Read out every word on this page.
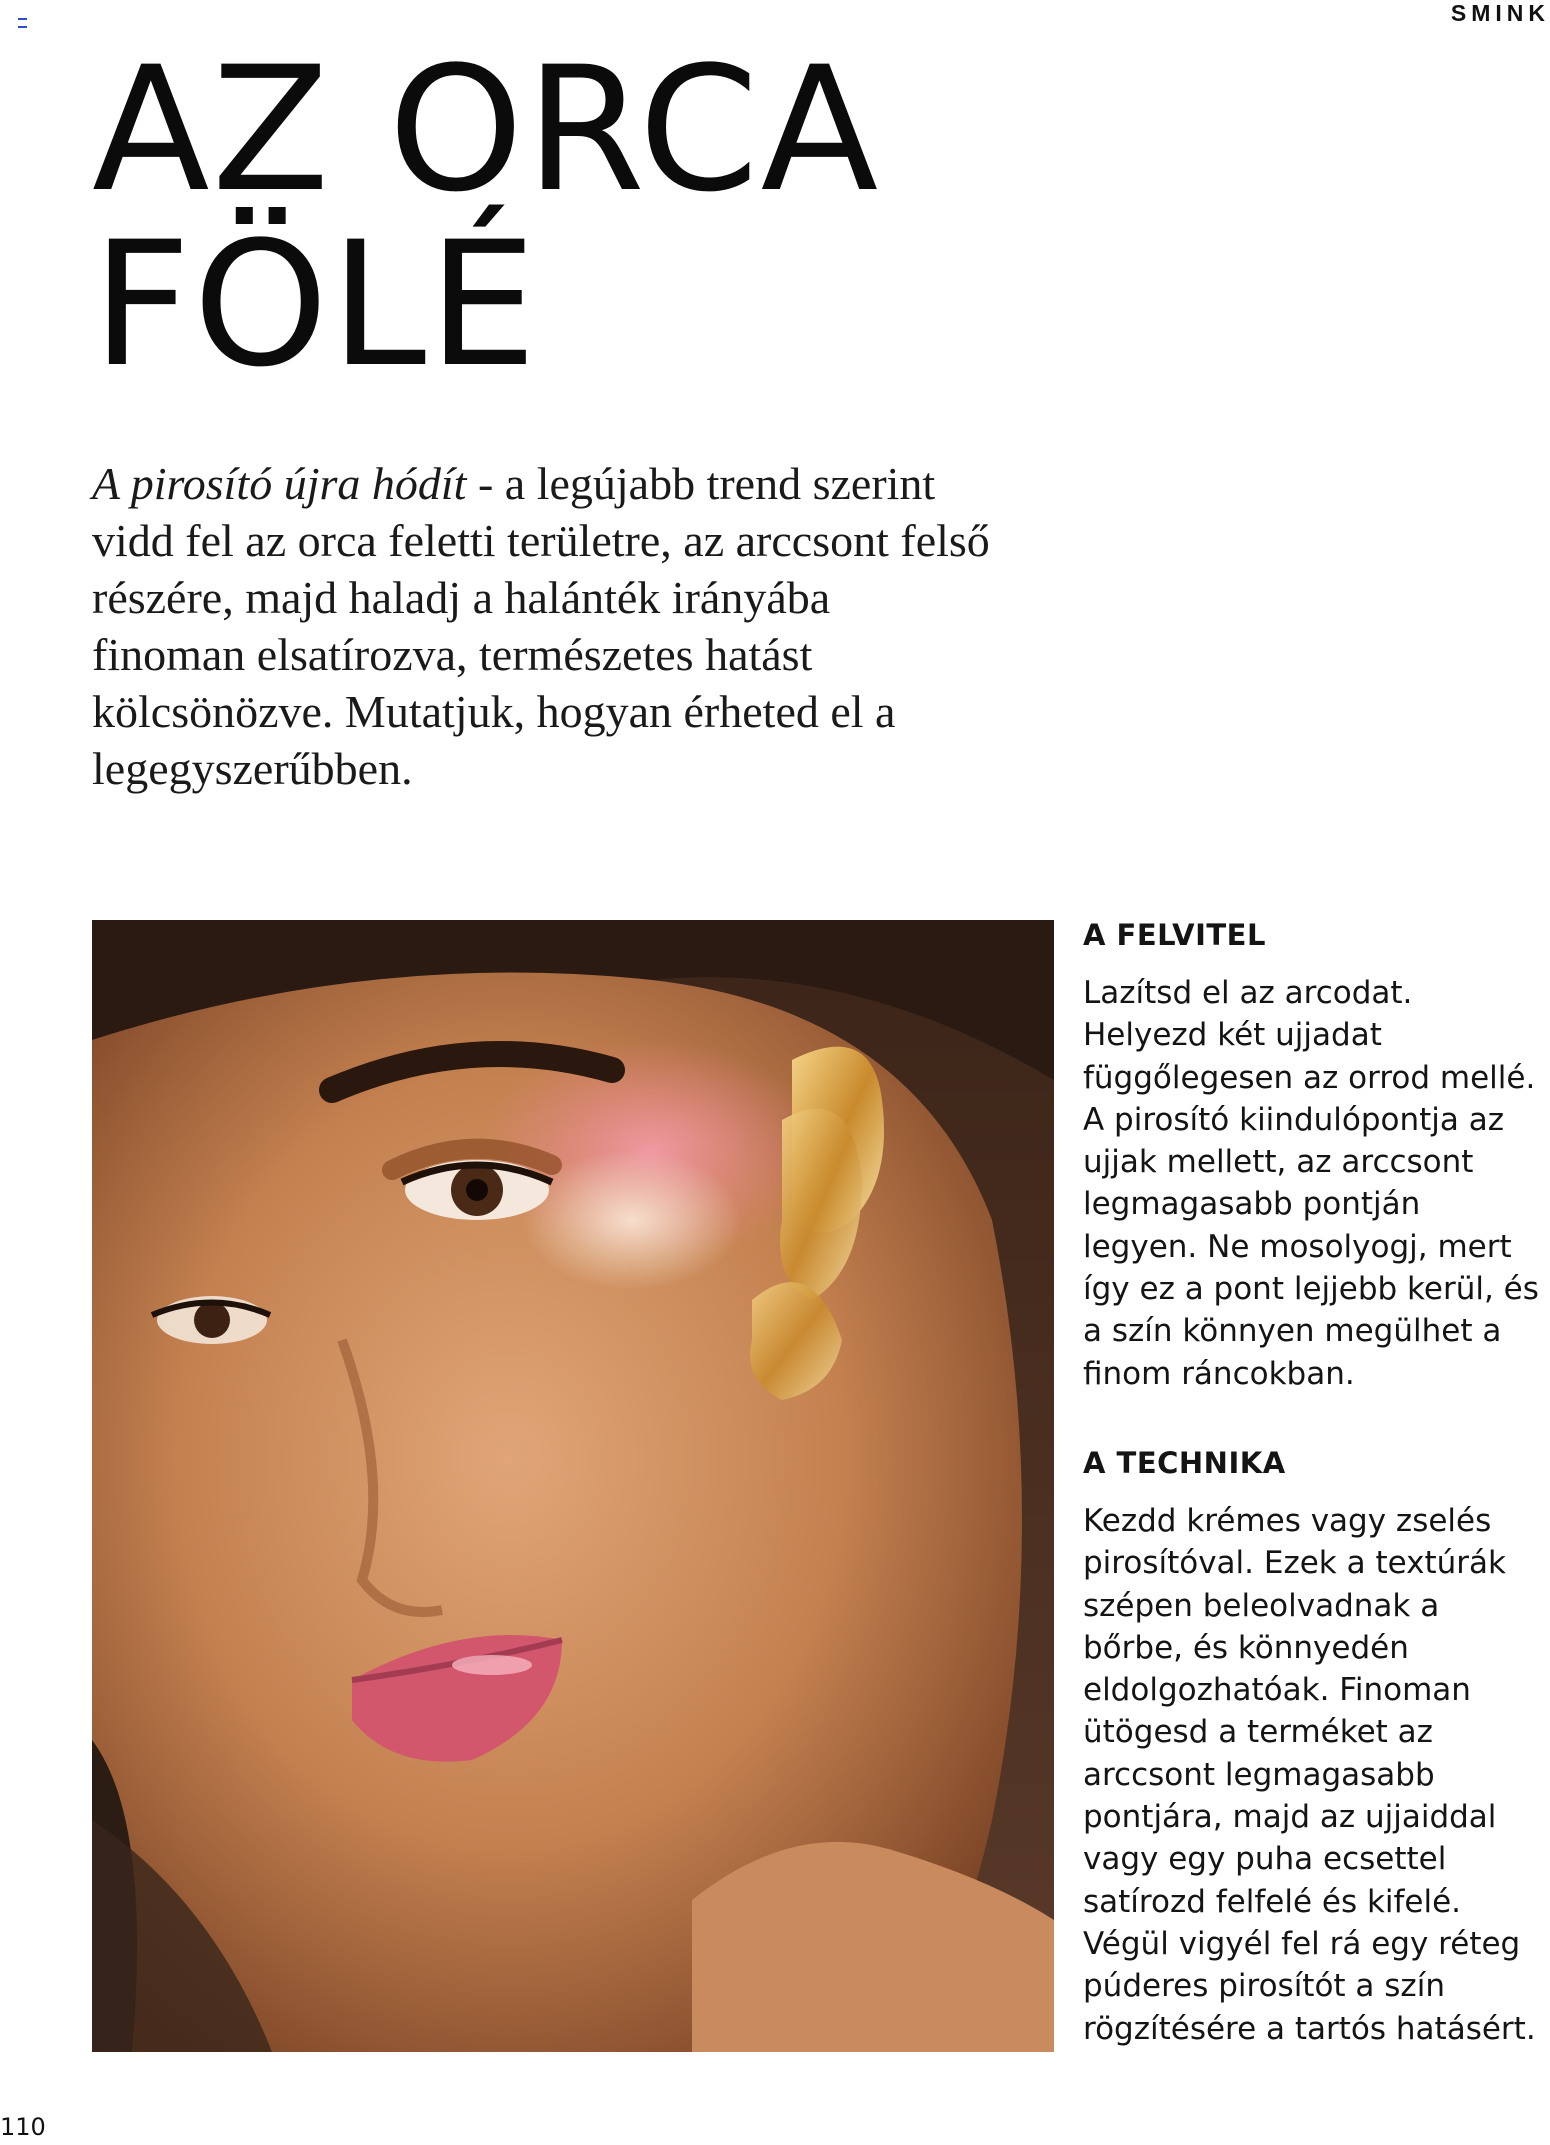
SMINK
AZ ORCA
FÖLÉ

A pirosító újra hódít - a legújabb trend szerint vidd fel az orca feletti területre, az arccsont felső részére, majd haladj a halánték irányába finoman elsatírozva, természetes hatást kölcsönözve. Mutatjuk, hogyan érheted el a legegyszerűbben.

A FELVITEL

Lazítsd el az arcodat. Helyezd két ujjadat függőlegesen az orrod mellé. A pirosító kiindulópontja az ujjak mellett, az arccsont legmagasabb pontján legyen. Ne mosolyogj, mert így ez a pont lejjebb kerül, és a szín könnyen megülhet a finom ráncokban.

A TECHNIKA

Kezdd krémes vagy zselés pirosítóval. Ezek a textúrák szépen beleolvadnak a bőrbe, és könnyedén eldolgozhatóak. Finoman ütögesd a terméket az arccsont legmagasabb pontjára, majd az ujjaiddal vagy egy puha ecsettel satírozd felfelé és kifelé. Végül vigyél fel rá egy réteg púderes pirosítót a szín rögzítésére a tartós hatásért.

110
